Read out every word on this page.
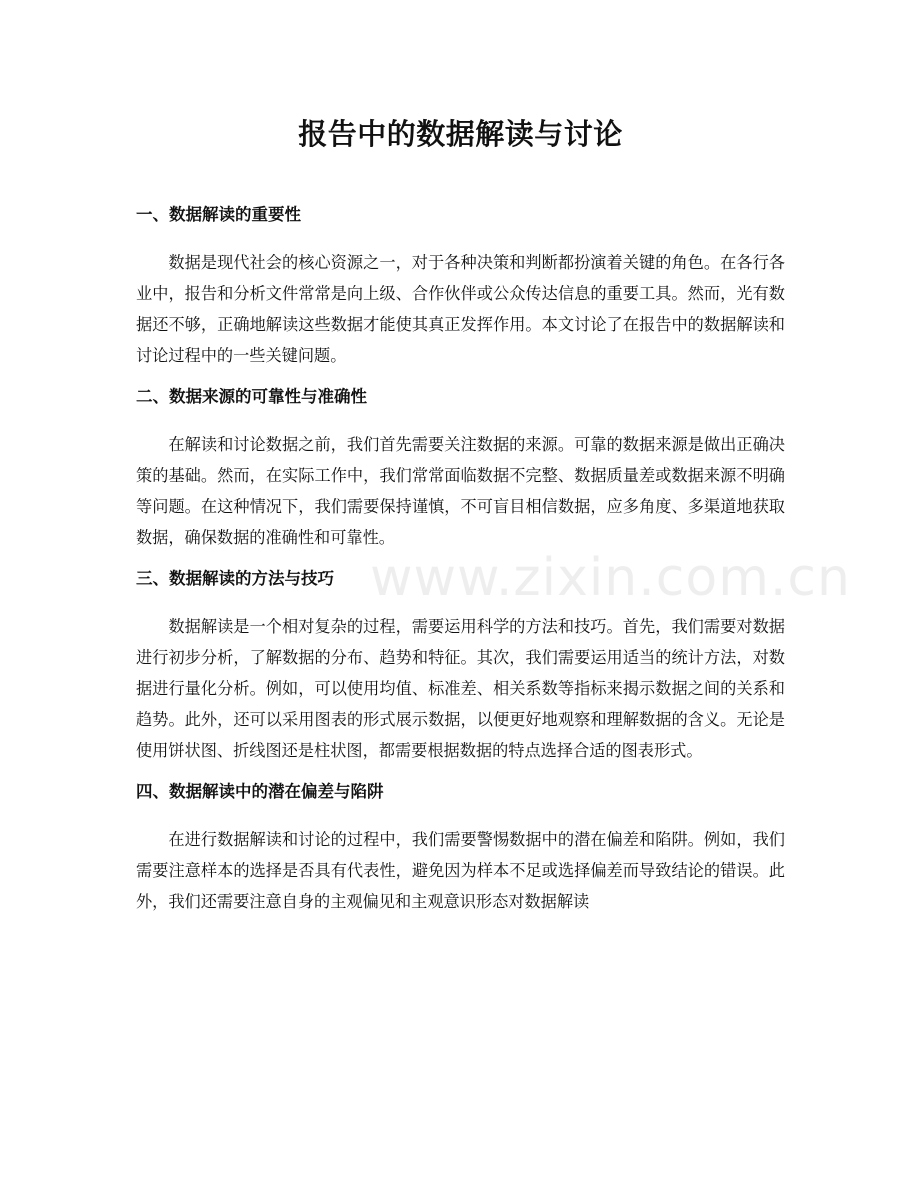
报告中的数据解读与讨论
一、数据解读的重要性

数据是现代社会的核心资源之一，对于各种决策和判断都扮演着关键的角色。在各行各业中，报告和分析文件常常是向上级、合作伙伴或公众传达信息的重要工具。然而，光有数据还不够，正确地解读这些数据才能使其真正发挥作用。本文讨论了在报告中的数据解读和讨论过程中的一些关键问题。

二、数据来源的可靠性与准确性

在解读和讨论数据之前，我们首先需要关注数据的来源。可靠的数据来源是做出正确决策的基础。然而，在实际工作中，我们常常面临数据不完整、数据质量差或数据来源不明确等问题。在这种情况下，我们需要保持谨慎，不可盲目相信数据，应多角度、多渠道地获取数据，确保数据的准确性和可靠性。

三、数据解读的方法与技巧

数据解读是一个相对复杂的过程，需要运用科学的方法和技巧。首先，我们需要对数据进行初步分析，了解数据的分布、趋势和特征。其次，我们需要运用适当的统计方法，对数据进行量化分析。例如，可以使用均值、标准差、相关系数等指标来揭示数据之间的关系和趋势。此外，还可以采用图表的形式展示数据，以便更好地观察和理解数据的含义。无论是使用饼状图、折线图还是柱状图，都需要根据数据的特点选择合适的图表形式。

四、数据解读中的潜在偏差与陷阱

在进行数据解读和讨论的过程中，我们需要警惕数据中的潜在偏差和陷阱。例如，我们需要注意样本的选择是否具有代表性，避免因为样本不足或选择偏差而导致结论的错误。此外，我们还需要注意自身的主观偏见和主观意识形态对数据解读

www.zixin.com.cn
